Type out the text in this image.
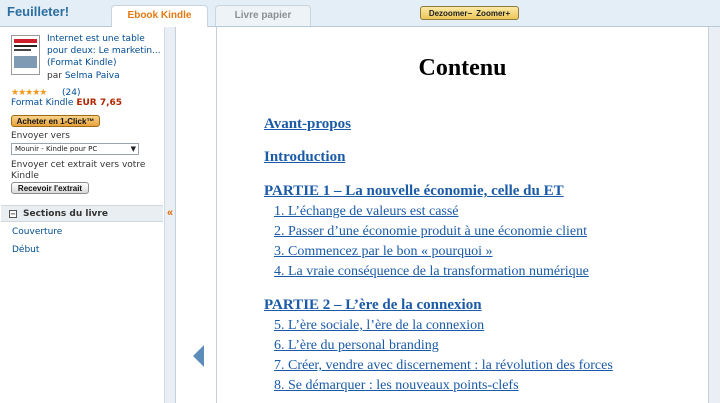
Feuilleter!	Ebook Kindle	Livre papier	Dezoomer− Zoomer+
Internet est une table pour deux: Le marketin... (Format Kindle)
par Selma Paiva
★★★★★ (24)
Format Kindle EUR 7,65
Acheter en 1-Click™
Envoyer vers
Mounir - Kindle pour PC	▼
Envoyer cet extrait vers votre Kindle
Recevoir l'extrait
− Sections du livre
Couverture
Début
«
Contenu
Avant-propos
Introduction
PARTIE 1 – La nouvelle économie, celle du ET
1. L’échange de valeurs est cassé
2. Passer d’une économie produit à une économie client
3. Commencez par le bon « pourquoi »
4. La vraie conséquence de la transformation numérique
PARTIE 2 – L’ère de la connexion
5. L’ère sociale, l’ère de la connexion
6. L’ère du personal branding
7. Créer, vendre avec discernement : la révolution des forces
8. Se démarquer : les nouveaux points-clefs
